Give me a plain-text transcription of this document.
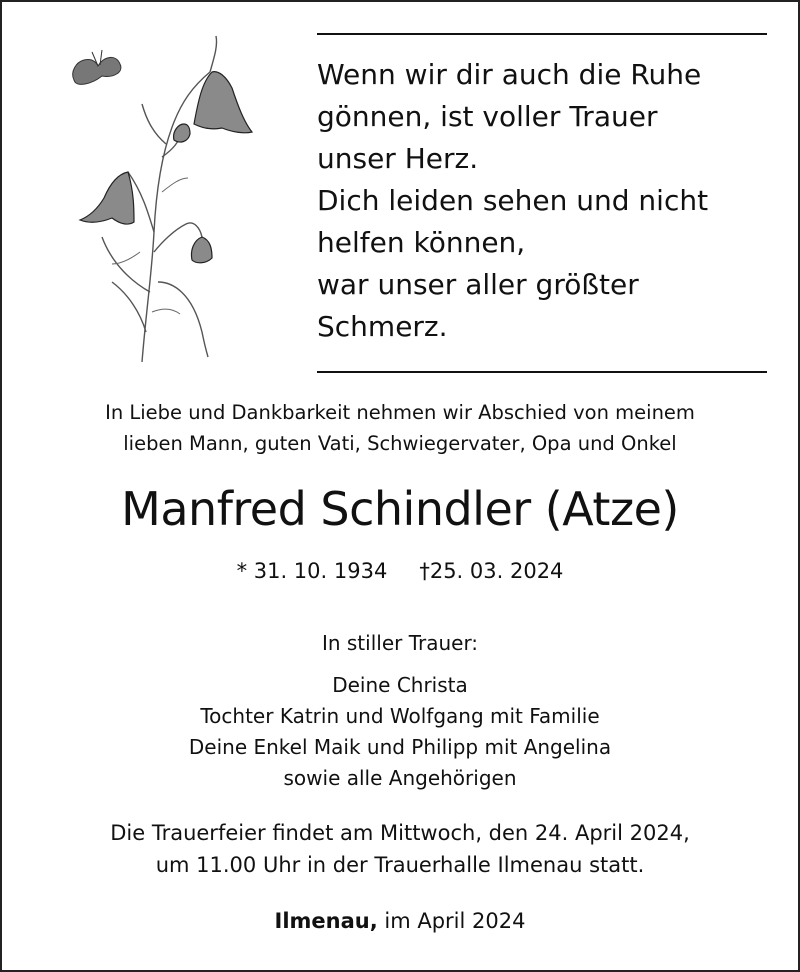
Wenn wir dir auch die Ruhe
gönnen, ist voller Trauer
unser Herz.
Dich leiden sehen und nicht
helfen können,
war unser aller größter
Schmerz.
In Liebe und Dankbarkeit nehmen wir Abschied von meinem
lieben Mann, guten Vati, Schwiegervater, Opa und Onkel
Manfred Schindler (Atze)
* 31. 10. 1934 †25. 03. 2024
In stiller Trauer:
Deine Christa
Tochter Katrin und Wolfgang mit Familie
Deine Enkel Maik und Philipp mit Angelina
sowie alle Angehörigen
Die Trauerfeier findet am Mittwoch, den 24. April 2024,
um 11.00 Uhr in der Trauerhalle Ilmenau statt.
Ilmenau, im April 2024
